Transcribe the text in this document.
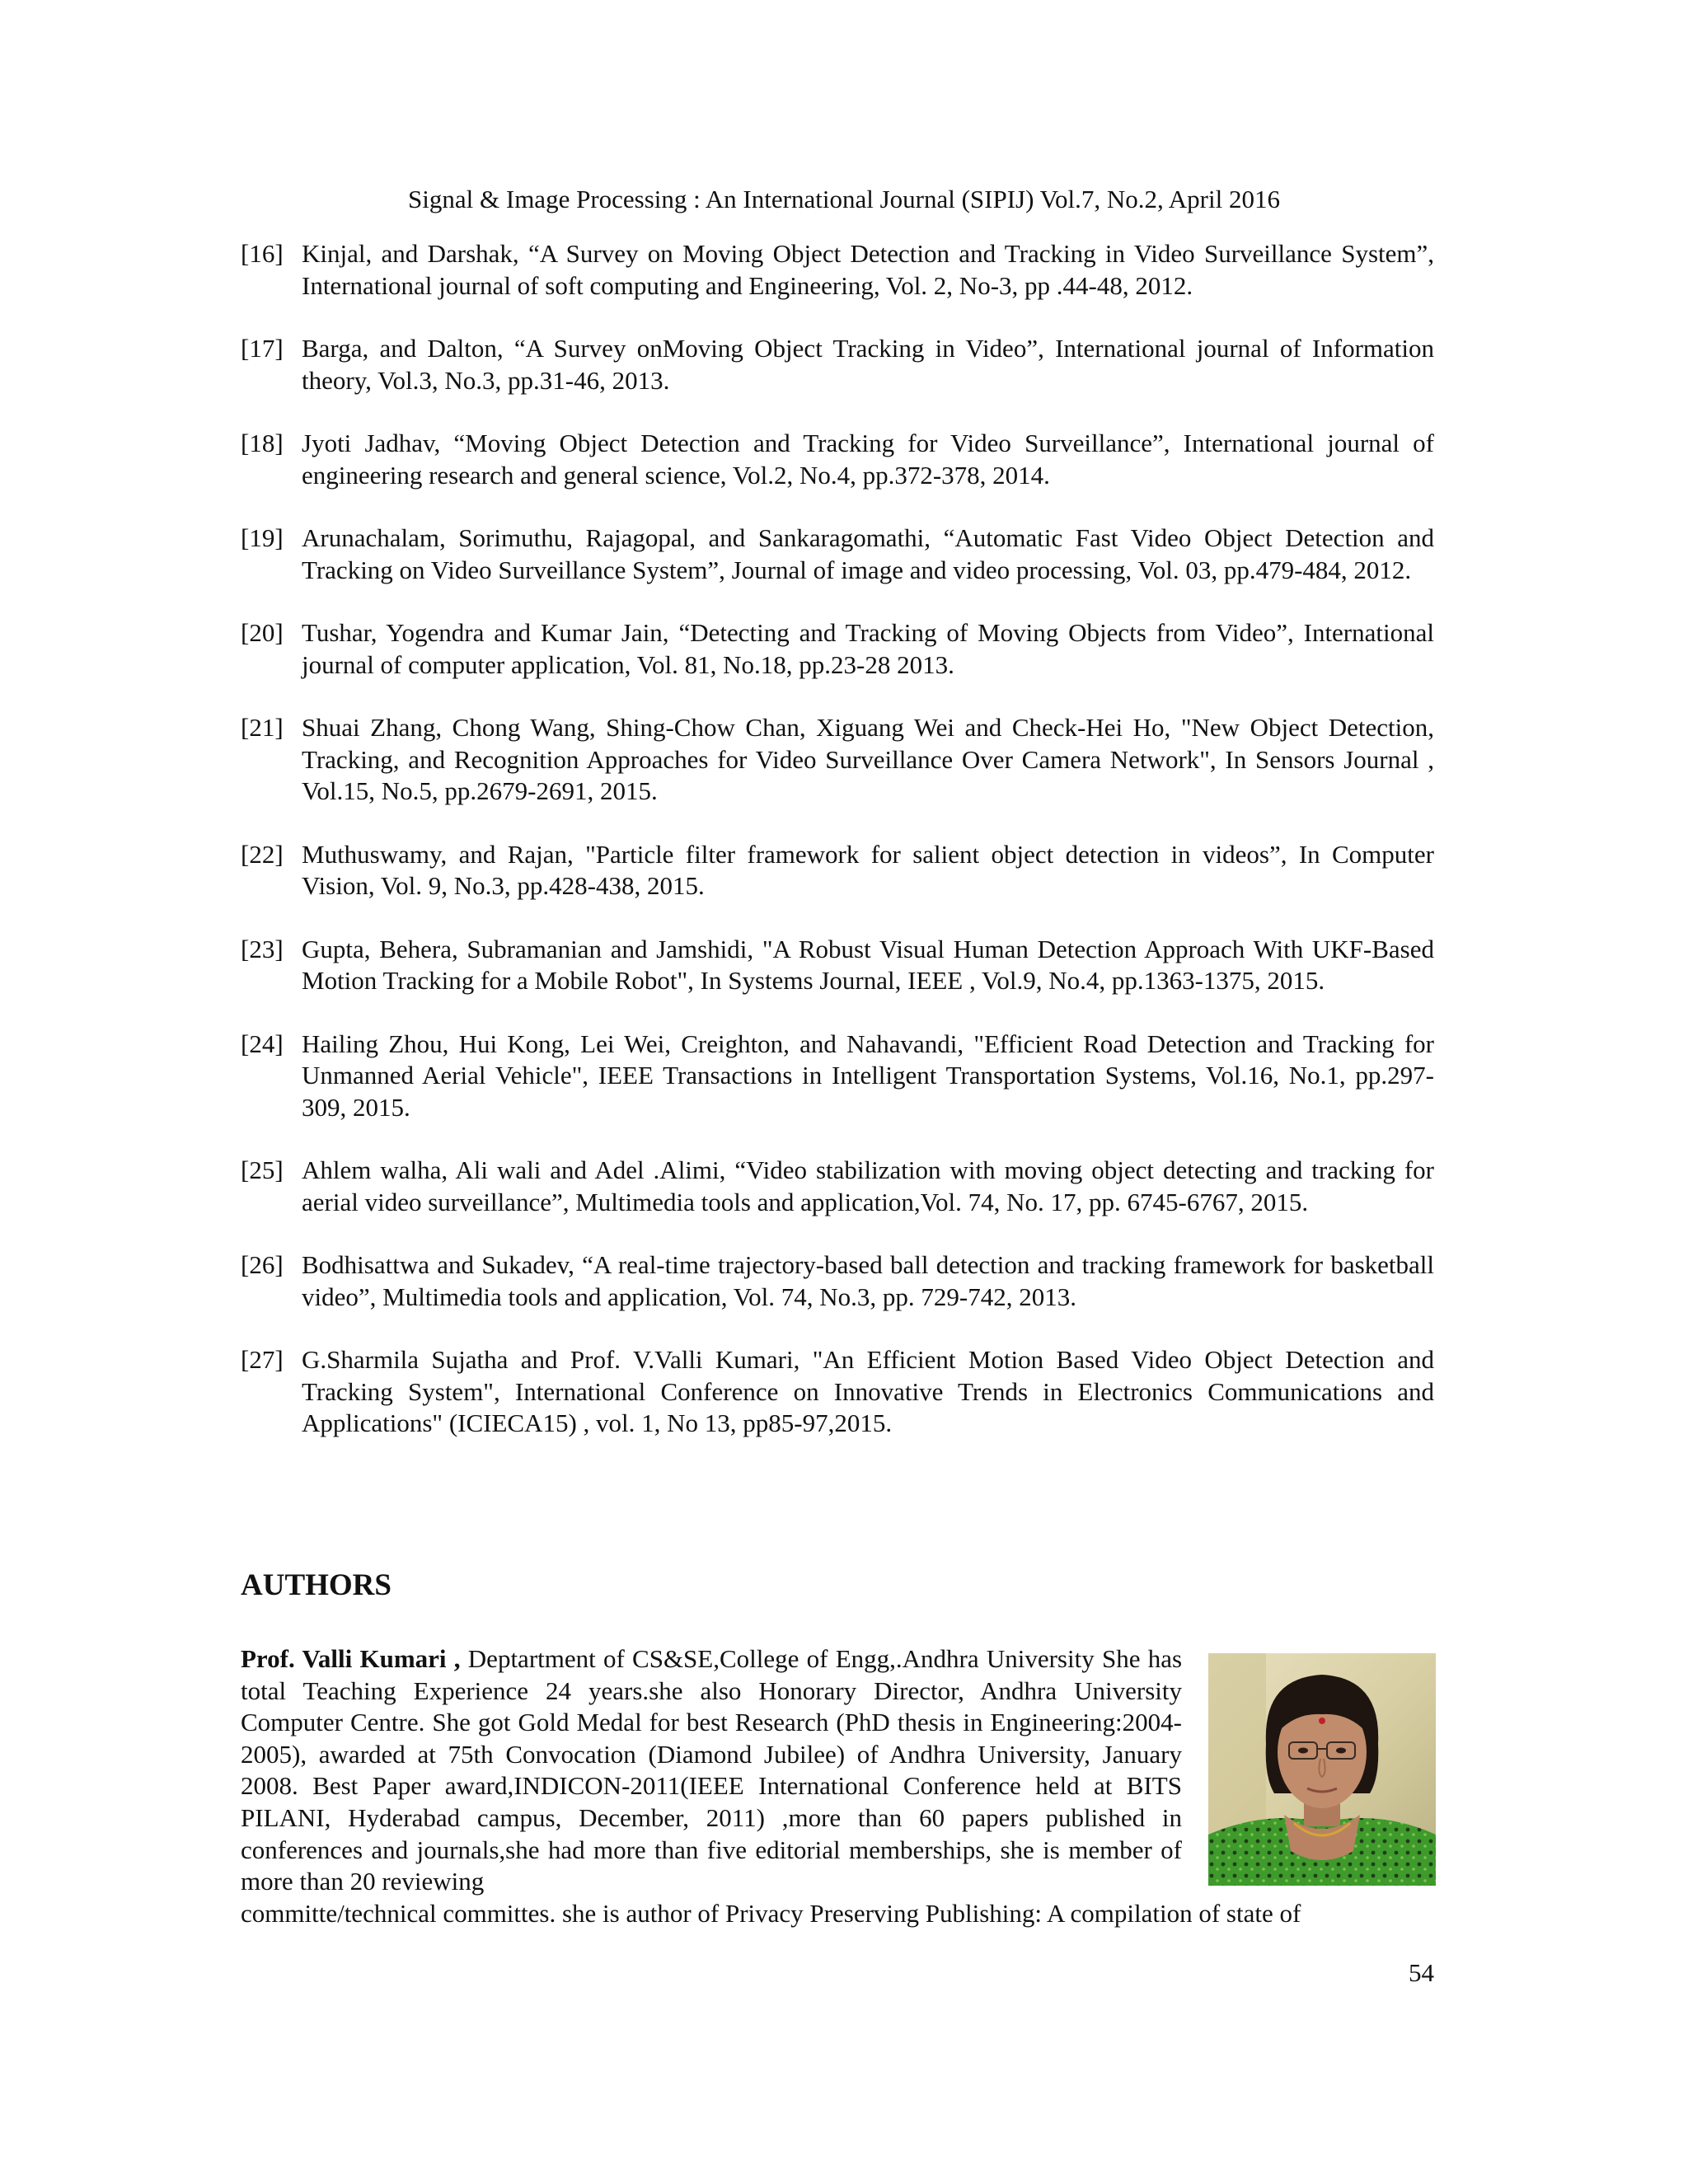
Signal & Image Processing : An International Journal (SIPIJ) Vol.7, No.2, April 2016

[16] Kinjal, and Darshak, “A Survey on Moving Object Detection and Tracking in Video Surveillance System”, International journal of soft computing and Engineering, Vol. 2, No-3, pp .44-48, 2012.

[17] Barga, and Dalton, “A Survey onMoving Object Tracking in Video”, International journal of Information theory, Vol.3, No.3, pp.31-46, 2013.

[18] Jyoti Jadhav, “Moving Object Detection and Tracking for Video Surveillance”, International journal of engineering research and general science, Vol.2, No.4, pp.372-378, 2014.

[19] Arunachalam, Sorimuthu, Rajagopal, and Sankaragomathi, “Automatic Fast Video Object Detection and Tracking on Video Surveillance System”, Journal of image and video processing, Vol. 03, pp.479-484, 2012.

[20] Tushar, Yogendra and Kumar Jain, “Detecting and Tracking of Moving Objects from Video”, International journal of computer application, Vol. 81, No.18, pp.23-28 2013.

[21] Shuai Zhang, Chong Wang, Shing-Chow Chan, Xiguang Wei and Check-Hei Ho, "New Object Detection, Tracking, and Recognition Approaches for Video Surveillance Over Camera Network", In Sensors Journal , Vol.15, No.5, pp.2679-2691, 2015.

[22] Muthuswamy, and Rajan, "Particle filter framework for salient object detection in videos”, In Computer Vision, Vol. 9, No.3, pp.428-438, 2015.

[23] Gupta, Behera, Subramanian and Jamshidi, "A Robust Visual Human Detection Approach With UKF-Based Motion Tracking for a Mobile Robot", In Systems Journal, IEEE , Vol.9, No.4, pp.1363-1375, 2015.

[24] Hailing Zhou, Hui Kong, Lei Wei, Creighton, and Nahavandi, "Efficient Road Detection and Tracking for Unmanned Aerial Vehicle", IEEE Transactions in Intelligent Transportation Systems, Vol.16, No.1, pp.297-309, 2015.

[25] Ahlem walha, Ali wali and Adel .Alimi, “Video stabilization with moving object detecting and tracking for aerial video surveillance”, Multimedia tools and application,Vol. 74, No. 17, pp. 6745-6767, 2015.

[26] Bodhisattwa and Sukadev, “A real-time trajectory-based ball detection and tracking framework for basketball video”, Multimedia tools and application, Vol. 74, No.3, pp. 729-742, 2013.

[27] G.Sharmila Sujatha and Prof. V.Valli Kumari, "An Efficient Motion Based Video Object Detection and Tracking System", International Conference on Innovative Trends in Electronics Communications and Applications" (ICIECA15) , vol. 1, No 13, pp85-97,2015.

AUTHORS
Prof. Valli Kumari , Deptartment of CS&SE,College of Engg,.Andhra University She has total Teaching Experience 24 years.she also Honorary Director, Andhra University Computer Centre. She got Gold Medal for best Research (PhD thesis in Engineering:2004-2005), awarded at 75th Convocation (Diamond Jubilee) of Andhra University, January 2008. Best Paper award,INDICON-2011(IEEE International Conference held at BITS PILANI, Hyderabad campus, December, 2011) ,more than 60 papers published in conferences and journals,she had more than five editorial memberships, she is member of more than 20 reviewing
committe/technical committes. she is author of Privacy Preserving Publishing: A compilation of state of
54
